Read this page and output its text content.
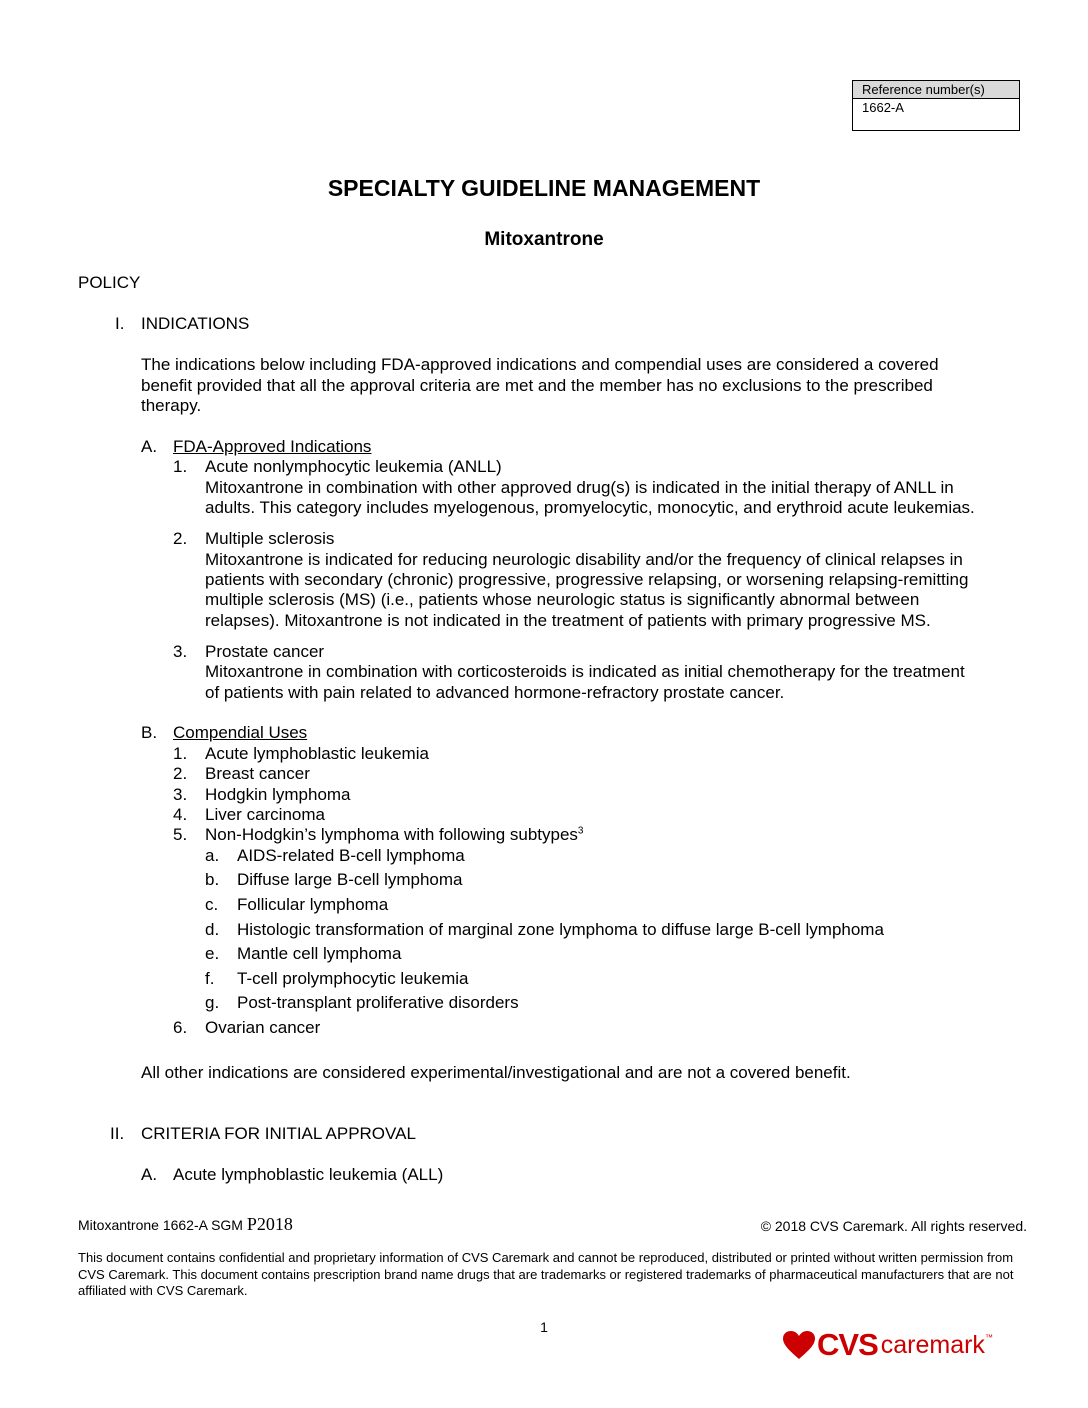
Reference number(s)
1662-A
SPECIALTY GUIDELINE MANAGEMENT
Mitoxantrone
POLICY
I. INDICATIONS
The indications below including FDA-approved indications and compendial uses are considered a covered
benefit provided that all the approval criteria are met and the member has no exclusions to the prescribed
therapy.
A. FDA-Approved Indications
1. Acute nonlymphocytic leukemia (ANLL)
Mitoxantrone in combination with other approved drug(s) is indicated in the initial therapy of ANLL in
adults. This category includes myelogenous, promyelocytic, monocytic, and erythroid acute leukemias.
2. Multiple sclerosis
Mitoxantrone is indicated for reducing neurologic disability and/or the frequency of clinical relapses in
patients with secondary (chronic) progressive, progressive relapsing, or worsening relapsing-remitting
multiple sclerosis (MS) (i.e., patients whose neurologic status is significantly abnormal between
relapses). Mitoxantrone is not indicated in the treatment of patients with primary progressive MS.
3. Prostate cancer
Mitoxantrone in combination with corticosteroids is indicated as initial chemotherapy for the treatment
of patients with pain related to advanced hormone-refractory prostate cancer.
B. Compendial Uses
1. Acute lymphoblastic leukemia
2. Breast cancer
3. Hodgkin lymphoma
4. Liver carcinoma
5. Non-Hodgkin’s lymphoma with following subtypes$^3$
a. AIDS-related B-cell lymphoma
b. Diffuse large B-cell lymphoma
c. Follicular lymphoma
d. Histologic transformation of marginal zone lymphoma to diffuse large B-cell lymphoma
e. Mantle cell lymphoma
f. T-cell prolymphocytic leukemia
g. Post-transplant proliferative disorders
6. Ovarian cancer
All other indications are considered experimental/investigational and are not a covered benefit.
II. CRITERIA FOR INITIAL APPROVAL
A. Acute lymphoblastic leukemia (ALL)
Mitoxantrone 1662-A SGM P2018	© 2018 CVS Caremark. All rights reserved.
This document contains confidential and proprietary information of CVS Caremark and cannot be reproduced, distributed or printed without written permission from CVS Caremark. This document contains prescription brand name drugs that are trademarks or registered trademarks of pharmaceutical manufacturers that are not affiliated with CVS Caremark.
1	CVS caremark ™
